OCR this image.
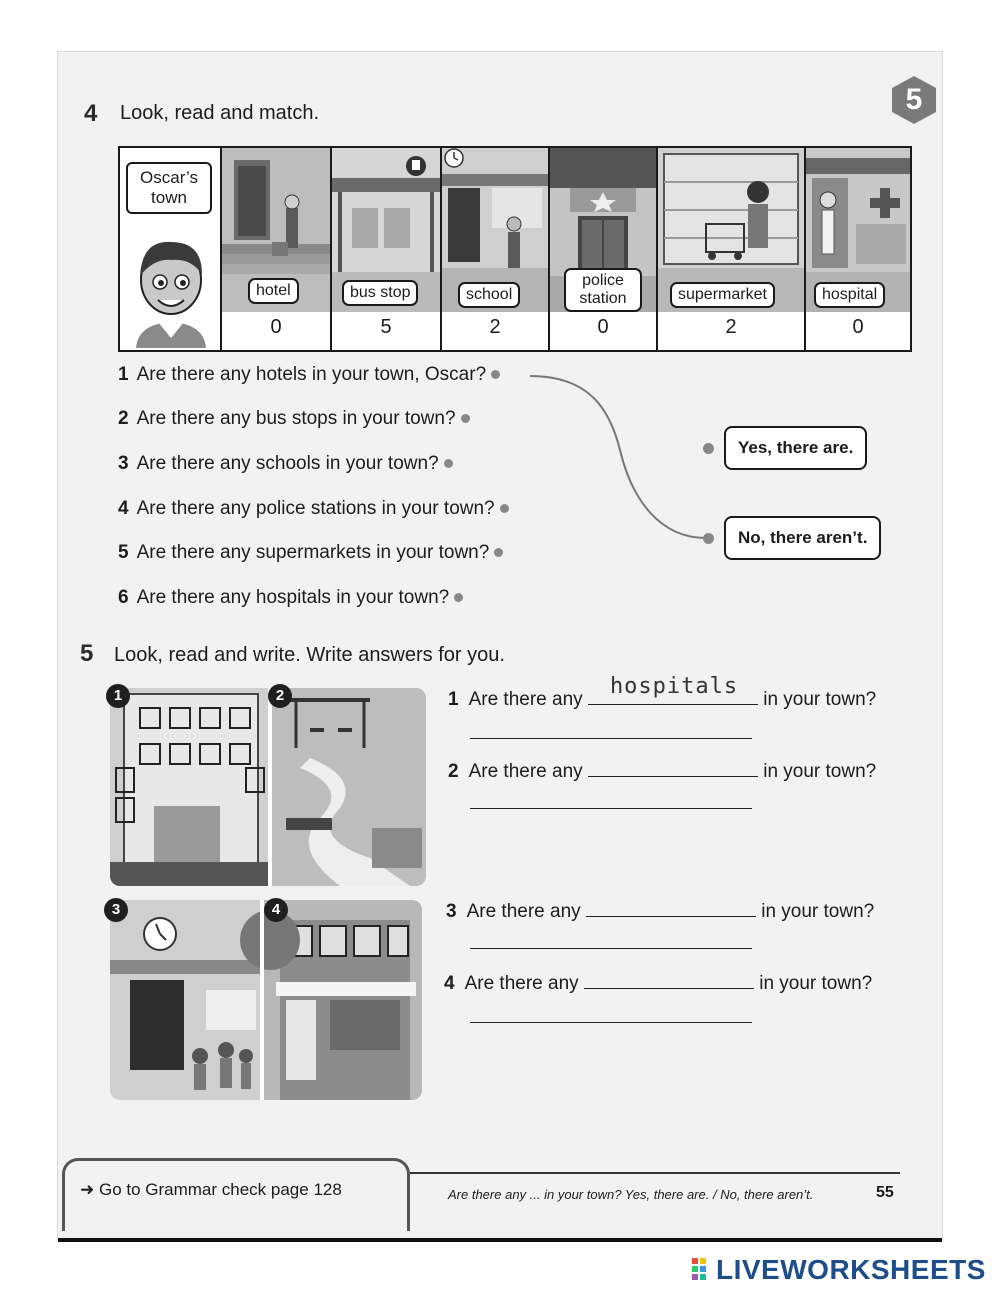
5
4 Look, read and match.
Oscar’s town
hotel
0
bus stop
5
school
2
police station
0
supermarket
2
hospital
0
1 Are there any hotels in your town, Oscar?
2 Are there any bus stops in your town?
3 Are there any schools in your town?
4 Are there any police stations in your town?
5 Are there any supermarkets in your town?
6 Are there any hospitals in your town?
Yes, there are.
No, there aren’t.
5 Look, read and write. Write answers for you.
1	2
3	4
1 Are there any
hospitals
in your town?
2 Are there any	in your town?
3 Are there any	in your town?
4 Are there any	in your town?
➜ Go to Grammar check page 128	Are there any ... in your town? Yes, there are. / No, there aren’t.	55
LIVEWORKSHEETS
